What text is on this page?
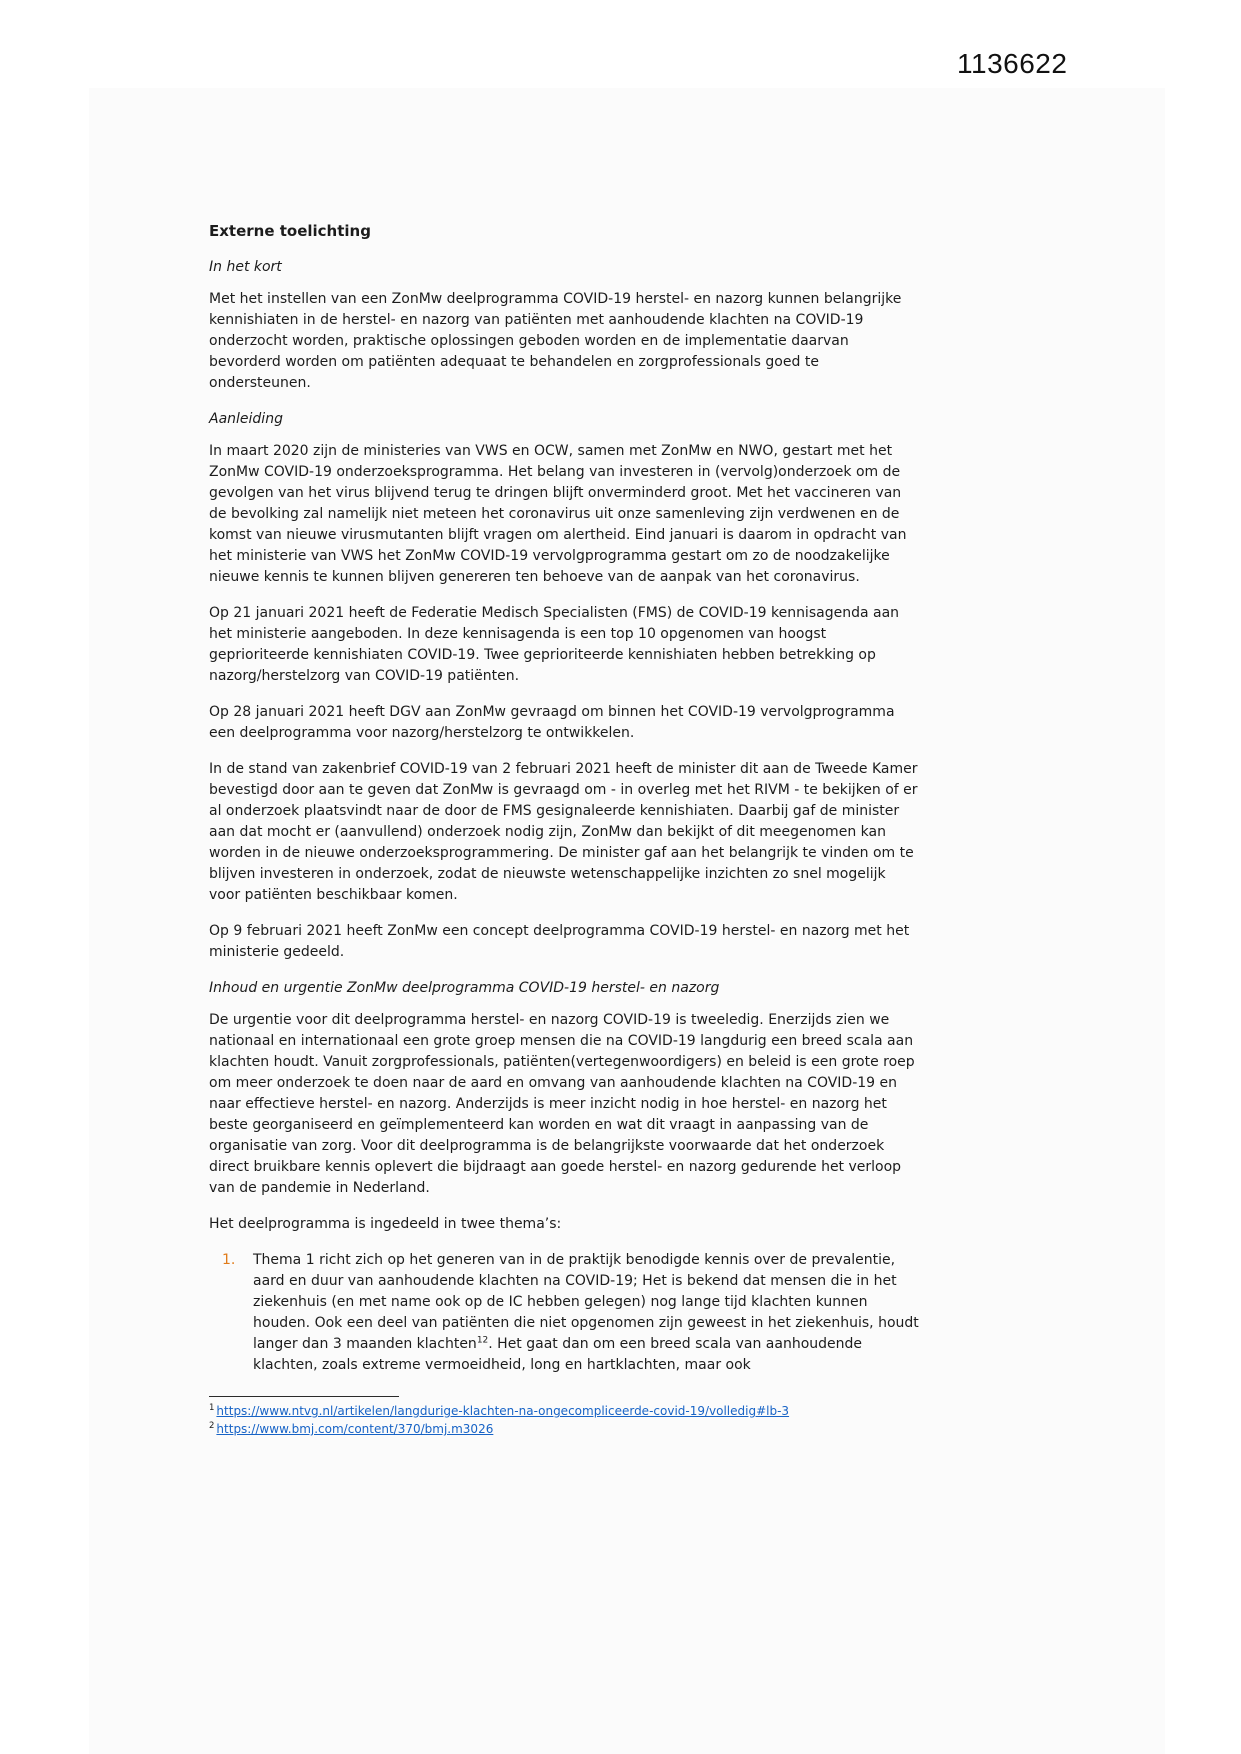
1136622
Externe toelichting
In het kort

Met het instellen van een ZonMw deelprogramma COVID-19 herstel- en nazorg kunnen belangrijke kennishiaten in de herstel- en nazorg van patiënten met aanhoudende klachten na COVID-19 onderzocht worden, praktische oplossingen geboden worden en de implementatie daarvan bevorderd worden om patiënten adequaat te behandelen en zorgprofessionals goed te ondersteunen.

Aanleiding

In maart 2020 zijn de ministeries van VWS en OCW, samen met ZonMw en NWO, gestart met het ZonMw COVID-19 onderzoeksprogramma. Het belang van investeren in (vervolg)onderzoek om de gevolgen van het virus blijvend terug te dringen blijft onverminderd groot. Met het vaccineren van de bevolking zal namelijk niet meteen het coronavirus uit onze samenleving zijn verdwenen en de komst van nieuwe virusmutanten blijft vragen om alertheid. Eind januari is daarom in opdracht van het ministerie van VWS het ZonMw COVID-19 vervolgprogramma gestart om zo de noodzakelijke nieuwe kennis te kunnen blijven genereren ten behoeve van de aanpak van het coronavirus.

Op 21 januari 2021 heeft de Federatie Medisch Specialisten (FMS) de COVID-19 kennisagenda aan het ministerie aangeboden. In deze kennisagenda is een top 10 opgenomen van hoogst geprioriteerde kennishiaten COVID-19. Twee geprioriteerde kennishiaten hebben betrekking op nazorg/herstelzorg van COVID-19 patiënten.

Op 28 januari 2021 heeft DGV aan ZonMw gevraagd om binnen het COVID-19 vervolgprogramma een deelprogramma voor nazorg/herstelzorg te ontwikkelen.

In de stand van zakenbrief COVID-19 van 2 februari 2021 heeft de minister dit aan de Tweede Kamer bevestigd door aan te geven dat ZonMw is gevraagd om - in overleg met het RIVM - te bekijken of er al onderzoek plaatsvindt naar de door de FMS gesignaleerde kennishiaten. Daarbij gaf de minister aan dat mocht er (aanvullend) onderzoek nodig zijn, ZonMw dan bekijkt of dit meegenomen kan worden in de nieuwe onderzoeksprogrammering. De minister gaf aan het belangrijk te vinden om te blijven investeren in onderzoek, zodat de nieuwste wetenschappelijke inzichten zo snel mogelijk voor patiënten beschikbaar komen.

Op 9 februari 2021 heeft ZonMw een concept deelprogramma COVID-19 herstel- en nazorg met het ministerie gedeeld.

Inhoud en urgentie ZonMw deelprogramma COVID-19 herstel- en nazorg

De urgentie voor dit deelprogramma herstel- en nazorg COVID-19 is tweeledig. Enerzijds zien we nationaal en internationaal een grote groep mensen die na COVID-19 langdurig een breed scala aan klachten houdt. Vanuit zorgprofessionals, patiënten(vertegenwoordigers) en beleid is een grote roep om meer onderzoek te doen naar de aard en omvang van aanhoudende klachten na COVID-19 en naar effectieve herstel- en nazorg. Anderzijds is meer inzicht nodig in hoe herstel- en nazorg het beste georganiseerd en geïmplementeerd kan worden en wat dit vraagt in aanpassing van de organisatie van zorg. Voor dit deelprogramma is de belangrijkste voorwaarde dat het onderzoek direct bruikbare kennis oplevert die bijdraagt aan goede herstel- en nazorg gedurende het verloop van de pandemie in Nederland.

Het deelprogramma is ingedeeld in twee thema’s:

1.	Thema 1 richt zich op het generen van in de praktijk benodigde kennis over de prevalentie, aard en duur van aanhoudende klachten na COVID-19; Het is bekend dat mensen die in het ziekenhuis (en met name ook op de IC hebben gelegen) nog lange tijd klachten kunnen houden. Ook een deel van patiënten die niet opgenomen zijn geweest in het ziekenhuis, houdt langer dan 3 maanden klachten$^{12}$. Het gaat dan om een breed scala van aanhoudende klachten, zoals extreme vermoeidheid, long en hartklachten, maar ook
$^1$ https://www.ntvg.nl/artikelen/langdurige-klachten-na-ongecompliceerde-covid-19/volledig#lb-3
$^2$ https://www.bmj.com/content/370/bmj.m3026
